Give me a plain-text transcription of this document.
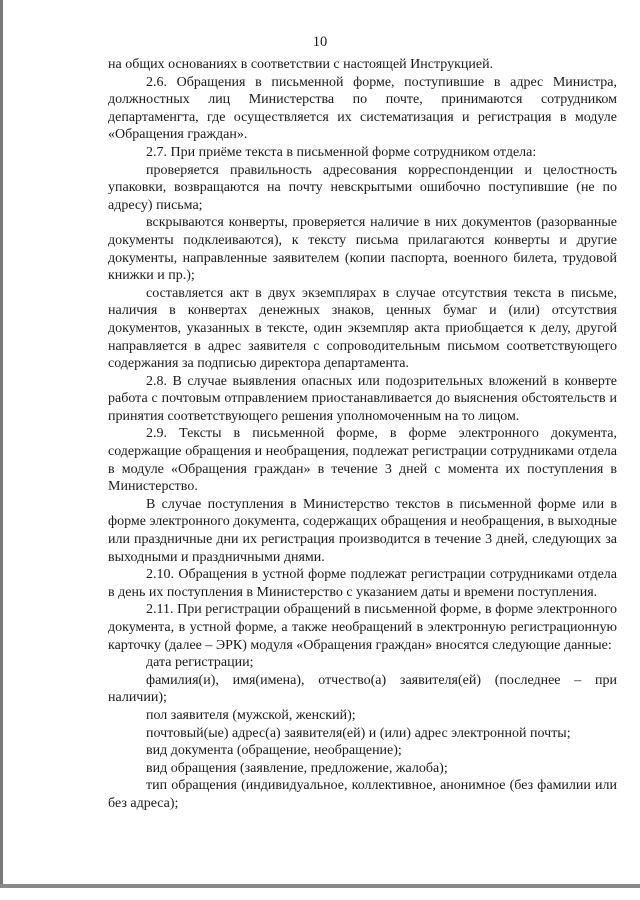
10

на общих основаниях в соответствии с настоящей Инструкцией.

2.6. Обращения в письменной форме, поступившие в адрес Министра, должностных лиц Министерства по почте, принимаются сотрудником департаменгта, где осуществляется их систематизация и регистрация в модуле «Обращения граждан».

2.7. При приёме текста в письменной форме сотрудником отдела:

проверяется правильность адресования корреспонденции и целостность упаковки, возвращаются на почту невскрытыми ошибочно поступившие (не по адресу) письма;

вскрываются конверты, проверяется наличие в них документов (разорванные документы подклеиваются), к тексту письма прилагаются конверты и другие документы, направленные заявителем (копии паспорта, военного билета, трудовой книжки и пр.);

составляется акт в двух экземплярах в случае отсутствия текста в письме, наличия в конвертах денежных знаков, ценных бумаг и (или) отсутствия документов, указанных в тексте, один экземпляр акта приобщается к делу, другой направляется в адрес заявителя с сопроводительным письмом соответствующего содержания за подписью директора департамента.

2.8. В случае выявления опасных или подозрительных вложений в конверте работа с почтовым отправлением приостанавливается до выяснения обстоятельств и принятия соответствующего решения уполномоченным на то лицом.

2.9. Тексты в письменной форме, в форме электронного документа, содержащие обращения и необращения, подлежат регистрации сотрудниками отдела в модуле «Обращения граждан» в течение 3 дней с момента их поступления в Министерство.

В случае поступления в Министерство текстов в письменной форме или в форме электронного документа, содержащих обращения и необращения, в выходные или праздничные дни их регистрация производится в течение 3 дней, следующих за выходными и праздничными днями.

2.10. Обращения в устной форме подлежат регистрации сотрудниками отдела в день их поступления в Министерство с указанием даты и времени поступления.

2.11. При регистрации обращений в письменной форме, в форме электронного документа, в устной форме, а также необращений в электронную регистрационную карточку (далее – ЭРК) модуля «Обращения граждан» вносятся следующие данные:

дата регистрации;

фамилия(и), имя(имена), отчество(а) заявителя(ей) (последнее – при наличии);

пол заявителя (мужской, женский);

почтовый(ые) адрес(а) заявителя(ей) и (или) адрес электронной почты;

вид документа (обращение, необращение);

вид обращения (заявление, предложение, жалоба);

тип обращения (индивидуальное, коллективное, анонимное (без фамилии или без адреса);
